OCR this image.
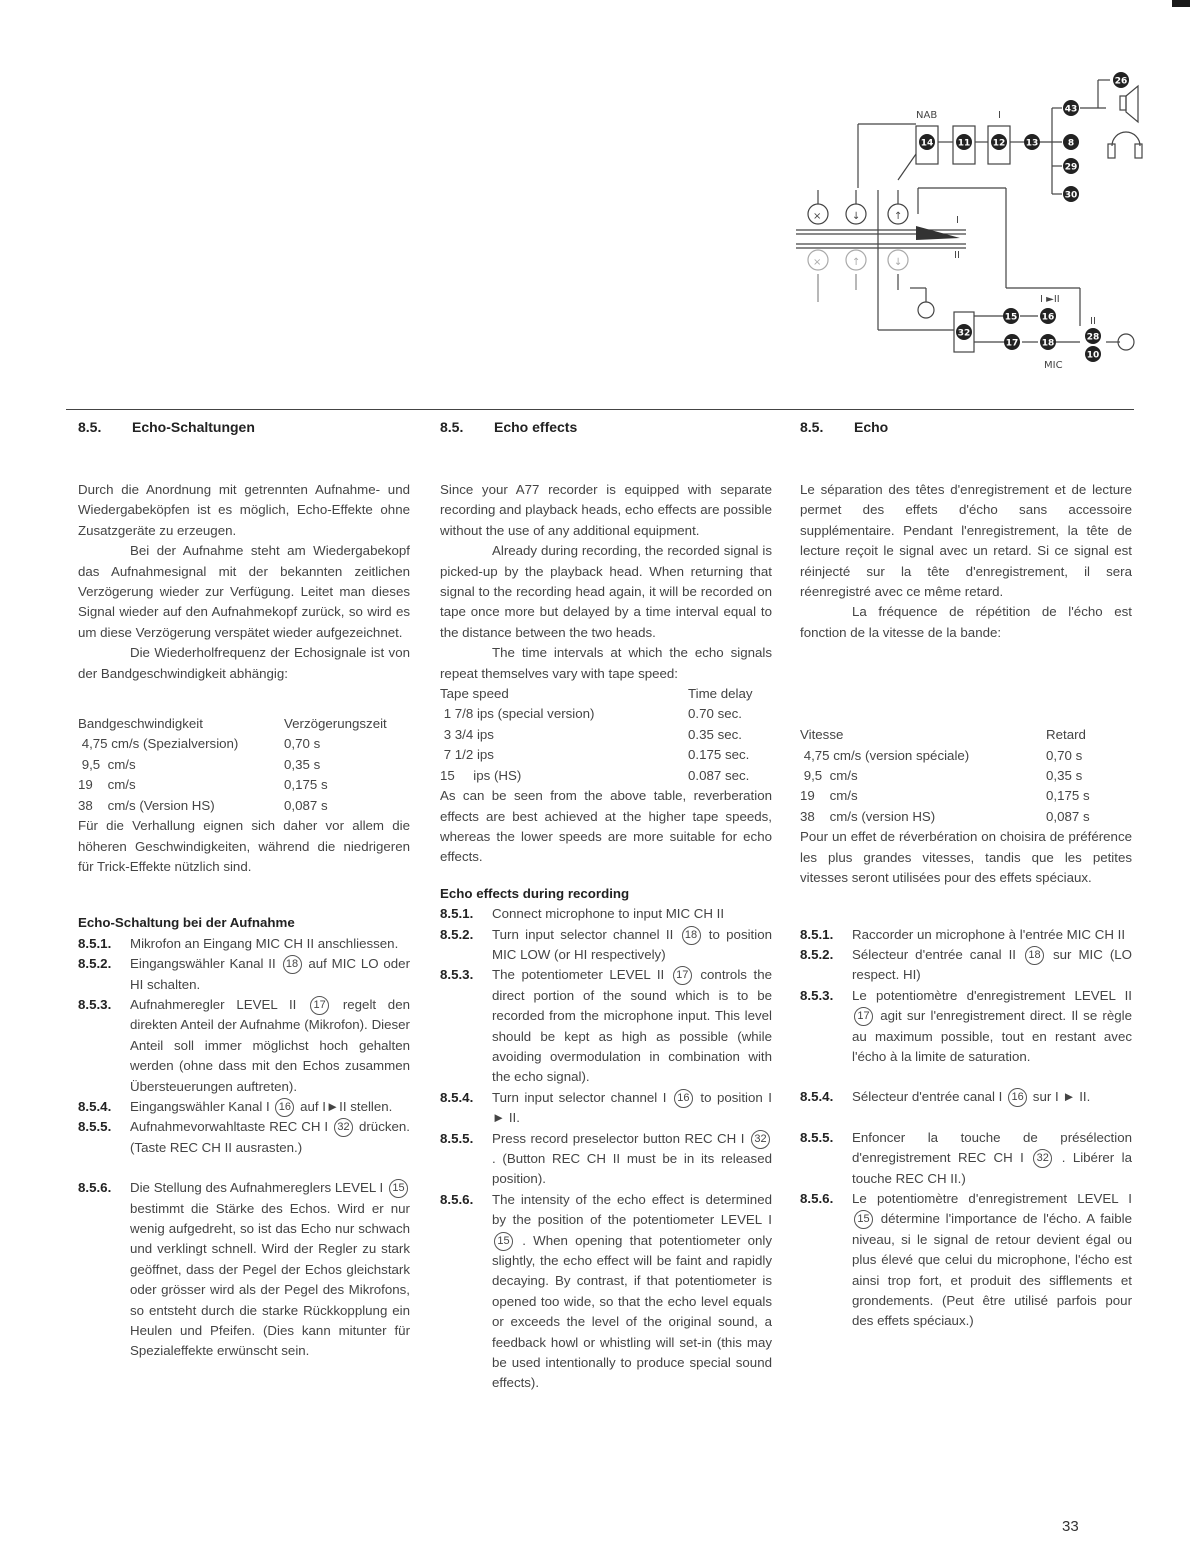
×	↓	↑
×	↑	↓
NAB	I
I
II
I ►II
II
MIC
26
43
8
29
30
14	11 12 13
32
15	16
17	18
28
10
8.5. Echo-Schaltungen	8.5. Echo effects	8.5. Echo

Durch die Anordnung mit getrennten Aufnahme- und Wiedergabeköpfen ist es möglich, Echo-Effekte ohne Zusatzgeräte zu erzeugen.

Bei der Aufnahme steht am Wiedergabekopf das Aufnahmesignal mit der bekannten zeitlichen Verzögerung wieder zur Verfügung. Leitet man dieses Signal wieder auf den Aufnahmekopf zurück, so wird es um diese Verzögerung verspätet wieder aufgezeichnet.

Die Wiederholfrequenz der Echosignale ist von der Bandgeschwindigkeit abhängig:

Bandgeschwindigkeit	Verzögerungszeit
4,75 cm/s (Spezialversion)	0,70 s
9,5  cm/s	0,35 s
19    cm/s	0,175 s
38    cm/s (Version HS)	0,087 s

Für die Verhallung eignen sich daher vor allem die höheren Geschwindigkeiten, während die niedrigeren für Trick-Effekte nützlich sind.

Echo-Schaltung bei der Aufnahme

8.5.1.	Mikrofon an Eingang MIC CH II anschliessen.
8.5.2.	Eingangswähler Kanal II 18 auf MIC LO oder HI schalten.
8.5.3.	Aufnahmeregler LEVEL II 17 regelt den direkten Anteil der Aufnahme (Mikrofon). Dieser Anteil soll immer möglichst hoch gehalten werden (ohne dass mit den Echos zusammen Übersteuerungen auftreten).
8.5.4.	Eingangswähler Kanal I 16 auf I►II stellen.
8.5.5.	Aufnahmevorwahltaste REC CH I 32 drücken. (Taste REC CH II ausrasten.)
8.5.6.	Die Stellung des Aufnahmereglers LEVEL I 15 bestimmt die Stärke des Echos. Wird er nur wenig aufgedreht, so ist das Echo nur schwach und verklingt schnell. Wird der Regler zu stark geöffnet, dass der Pegel der Echos gleichstark oder grösser wird als der Pegel des Mikrofons, so entsteht durch die starke Rückkopplung ein Heulen und Pfeifen. (Dies kann mitunter für Spezialeffekte erwünscht sein.

Since your A77 recorder is equipped with separate recording and playback heads, echo effects are possible without the use of any additional equipment.

Already during recording, the recorded signal is picked-up by the playback head. When returning that signal to the recording head again, it will be recorded on tape once more but delayed by a time interval equal to the distance between the two heads.

The time intervals at which the echo signals repeat themselves vary with tape speed:

Tape speed	Time delay
1 7/8 ips (special version)	0.70 sec.
3 3/4 ips	0.35 sec.
7 1/2 ips	0.175 sec.
15     ips (HS)	0.087 sec.

As can be seen from the above table, reverberation effects are best achieved at the higher tape speeds, whereas the lower speeds are more suitable for echo effects.

Echo effects during recording

8.5.1.	Connect microphone to input MIC CH II
8.5.2.	Turn input selector channel II 18 to position MIC LOW (or HI respectively)
8.5.3.	The potentiometer LEVEL II 17 controls the direct portion of the sound which is to be recorded from the microphone input. This level should be kept as high as possible (while avoiding overmodulation in combination with the echo signal).
8.5.4.	Turn input selector channel I 16 to position I ► II.
8.5.5.	Press record preselector button REC CH I 32 . (Button REC CH II must be in its released position).
8.5.6.	The intensity of the echo effect is determined by the position of the potentiometer LEVEL I 15 . When opening that potentiometer only slightly, the echo effect will be faint and rapidly decaying. By contrast, if that potentiometer is opened too wide, so that the echo level equals or exceeds the level of the original sound, a feedback howl or whistling will set-in (this may be used intentionally to produce special sound effects).

Le séparation des têtes d'enregistrement et de lecture permet des effets d'écho sans accessoire supplémentaire. Pendant l'enregistrement, la tête de lecture reçoit le signal avec un retard. Si ce signal est réinjecté sur la tête d'enregistrement, il sera réenregistré avec ce même retard.

La fréquence de répétition de l'écho est fonction de la vitesse de la bande:

Vitesse	Retard
4,75 cm/s (version spéciale)	0,70 s
9,5  cm/s	0,35 s
19    cm/s	0,175 s
38    cm/s (version HS)	0,087 s

Pour un effet de réverbération on choisira de préférence les plus grandes vitesses, tandis que les petites vitesses seront utilisées pour des effets spéciaux.

8.5.1.	Raccorder un microphone à l'entrée MIC CH II
8.5.2.	Sélecteur d'entrée canal II 18 sur MIC (LO respect. HI)
8.5.3.	Le potentiomètre d'enregistrement LEVEL II 17 agit sur l'enregistrement direct. Il se règle au maximum possible, tout en restant avec l'écho à la limite de saturation.
8.5.4.	Sélecteur d'entrée canal I 16 sur I ► II.
8.5.5.	Enfoncer la touche de présélection d'enregistrement REC CH I 32 . Libérer la touche REC CH II.)
8.5.6.	Le potentiomètre d'enregistrement LEVEL I 15 détermine l'importance de l'écho. A faible niveau, si le signal de retour devient égal ou plus élevé que celui du microphone, l'écho est ainsi trop fort, et produit des sifflements et grondements. (Peut être utilisé parfois pour des effets spéciaux.)
33
